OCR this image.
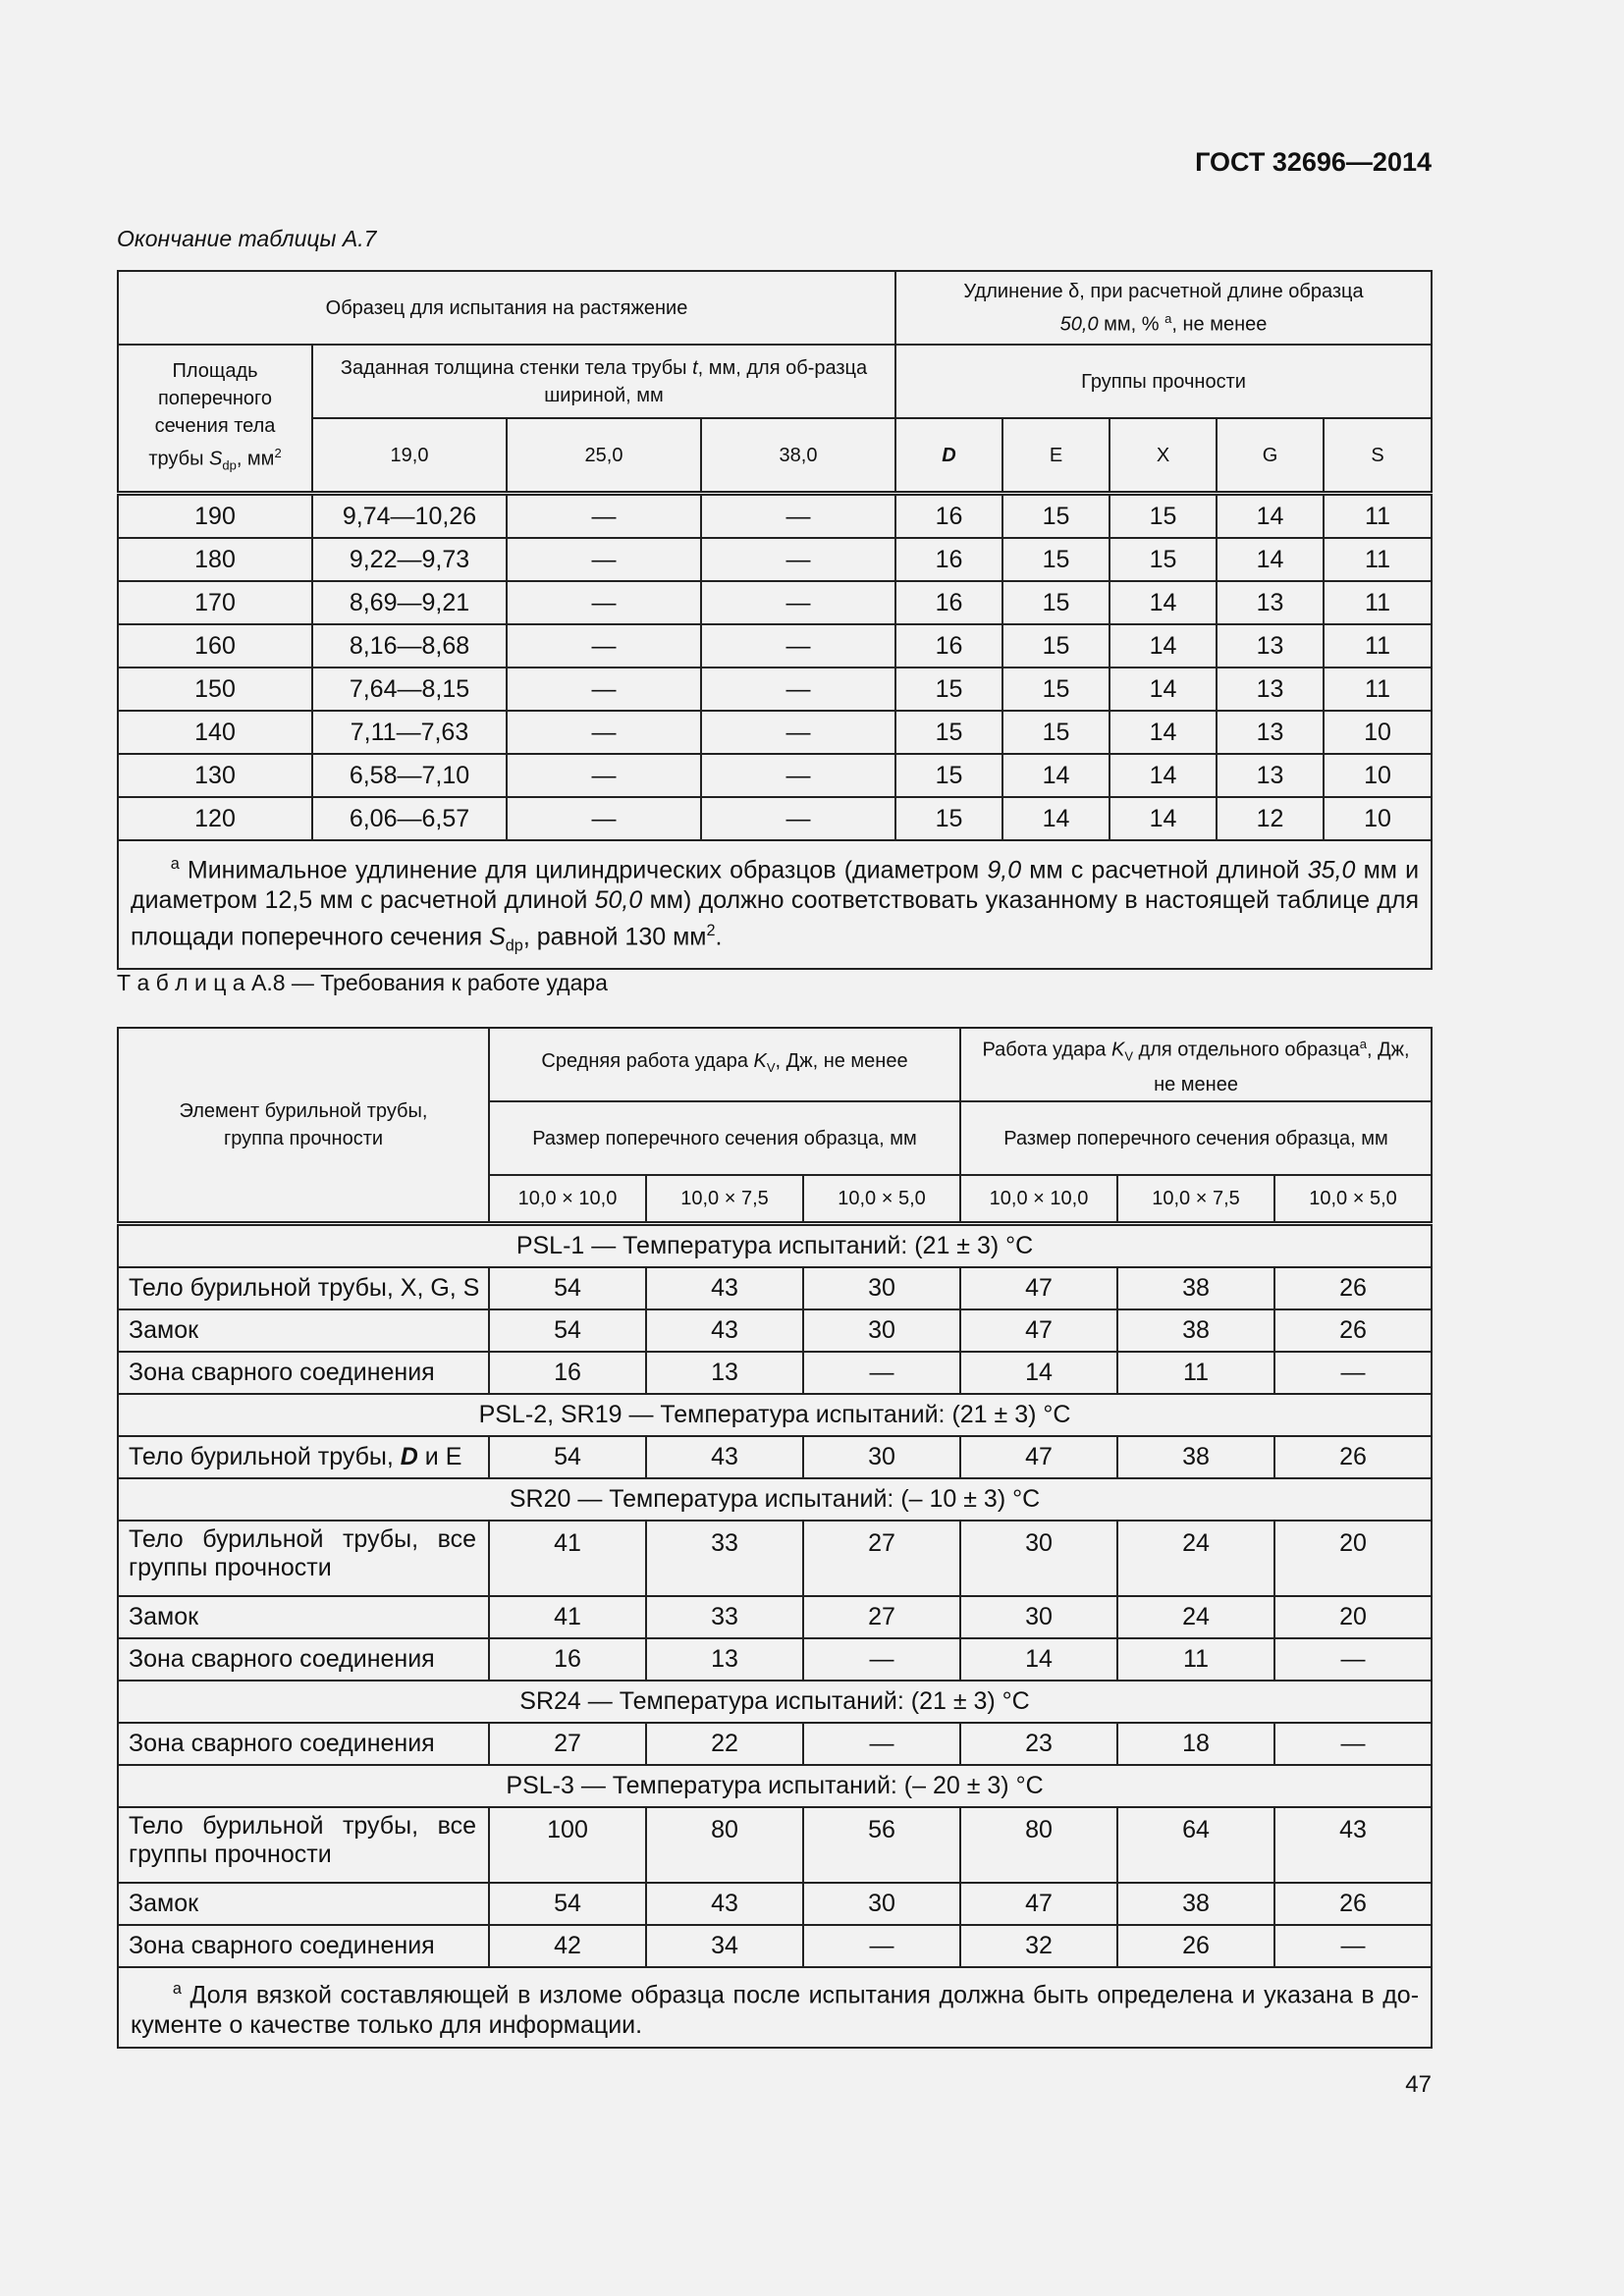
ГОСТ 32696—2014
Окончание таблицы А.7
Образец для испытания на растяжение				Удлинение δ, при расчетной длине образца
50,0 мм, % $^a$, не менее				
Площадь поперечного сечения тела трубы $S_{dp}$, $мм^2$	Заданная толщина стенки тела трубы t, мм, для об-разца шириной, мм			Группы прочности				
	19,0	25,0	38,0	D	E	X	G	S
190	9,74—10,26	—	—	16	15	15	14	11
180	9,22—9,73	—	—	16	15	15	14	11
170	8,69—9,21	—	—	16	15	14	13	11
160	8,16—8,68	—	—	16	15	14	13	11
150	7,64—8,15	—	—	15	15	14	13	11
140	7,11—7,63	—	—	15	15	14	13	10
130	6,58—7,10	—	—	15	14	14	13	10
120	6,06—6,57	—	—	15	14	14	12	10
$^a$ Минимальное удлинение для цилиндрических образцов (диаметром 9,0 мм с расчетной длиной 35,0 мм и диаметром 12,5 мм с расчетной длиной 50,0 мм) должно соответствовать указанному в настоящей таблице для площади поперечного сечения $S_{dp}$, равной 130 $мм^2$.								
Т а б л и ц а А.8 — Требования к работе удара
Элемент бурильной трубы, группа прочности	Средняя работа удара $K_V$, Дж, не менее			Работа удара $K_V$ для отдельного образца$^a$, Дж, не менее		
	Размер поперечного сечения образца, мм			Размер поперечного сечения образца, мм		
	10,0 × 10,0	10,0 × 7,5	10,0 × 5,0	10,0 × 10,0	10,0 × 7,5	10,0 × 5,0
PSL-1 — Температура испытаний: (21 ± 3) °C						
Тело бурильной трубы, X, G, S	54	43	30	47	38	26
Замок	54	43	30	47	38	26
Зона сварного соединения	16	13	—	14	11	—
PSL-2, SR19 — Температура испытаний: (21 ± 3) °C						
Тело бурильной трубы, D и E	54	43	30	47	38	26
SR20 — Температура испытаний: (– 10 ± 3) °C						
Тело бурильной трубы, все группы прочности	41	33	27	30	24	20
Замок	41	33	27	30	24	20
Зона сварного соединения	16	13	—	14	11	—
SR24 — Температура испытаний: (21 ± 3) °C						
Зона сварного соединения	27	22	—	23	18	—
PSL-3 — Температура испытаний: (– 20 ± 3) °C						
Тело бурильной трубы, все группы прочности	100	80	56	80	64	43
Замок	54	43	30	47	38	26
Зона сварного соединения	42	34	—	32	26	—
$^a$ Доля вязкой составляющей в изломе образца после испытания должна быть определена и указана в до-кументе о качестве только для информации.						
47
